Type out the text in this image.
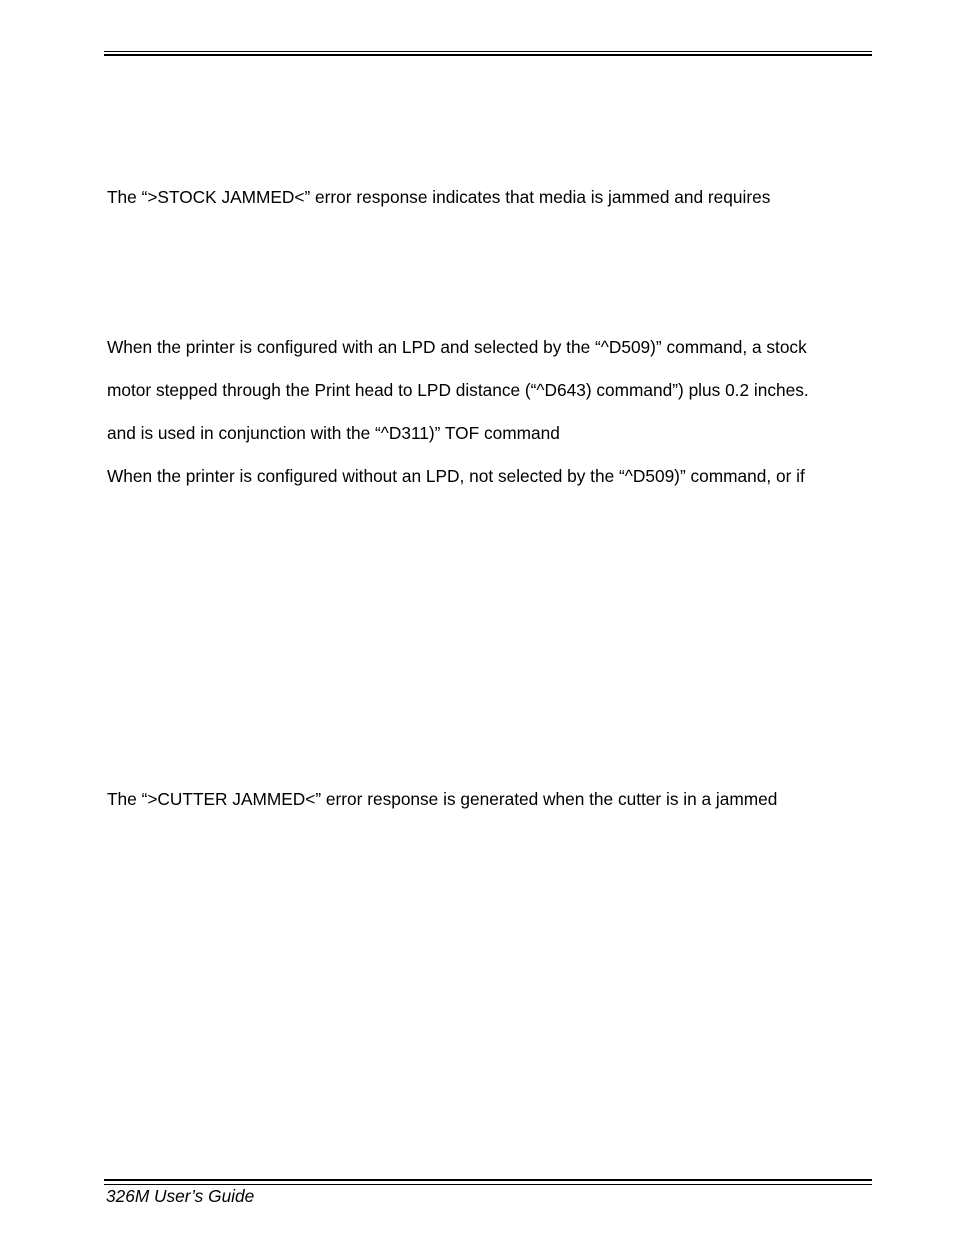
The “>STOCK JAMMED<” error response indicates that media is jammed and requires
When the printer is configured with an LPD and selected by the “^D509)” command, a stock
motor stepped through the Print head to LPD distance (“^D643) command”) plus 0.2 inches.
and is used in conjunction with the “^D311)” TOF command
When the printer is configured without an LPD, not selected by the “^D509)” command, or if
The “>CUTTER JAMMED<” error response is generated when the cutter is in a jammed
326M User’s Guide
